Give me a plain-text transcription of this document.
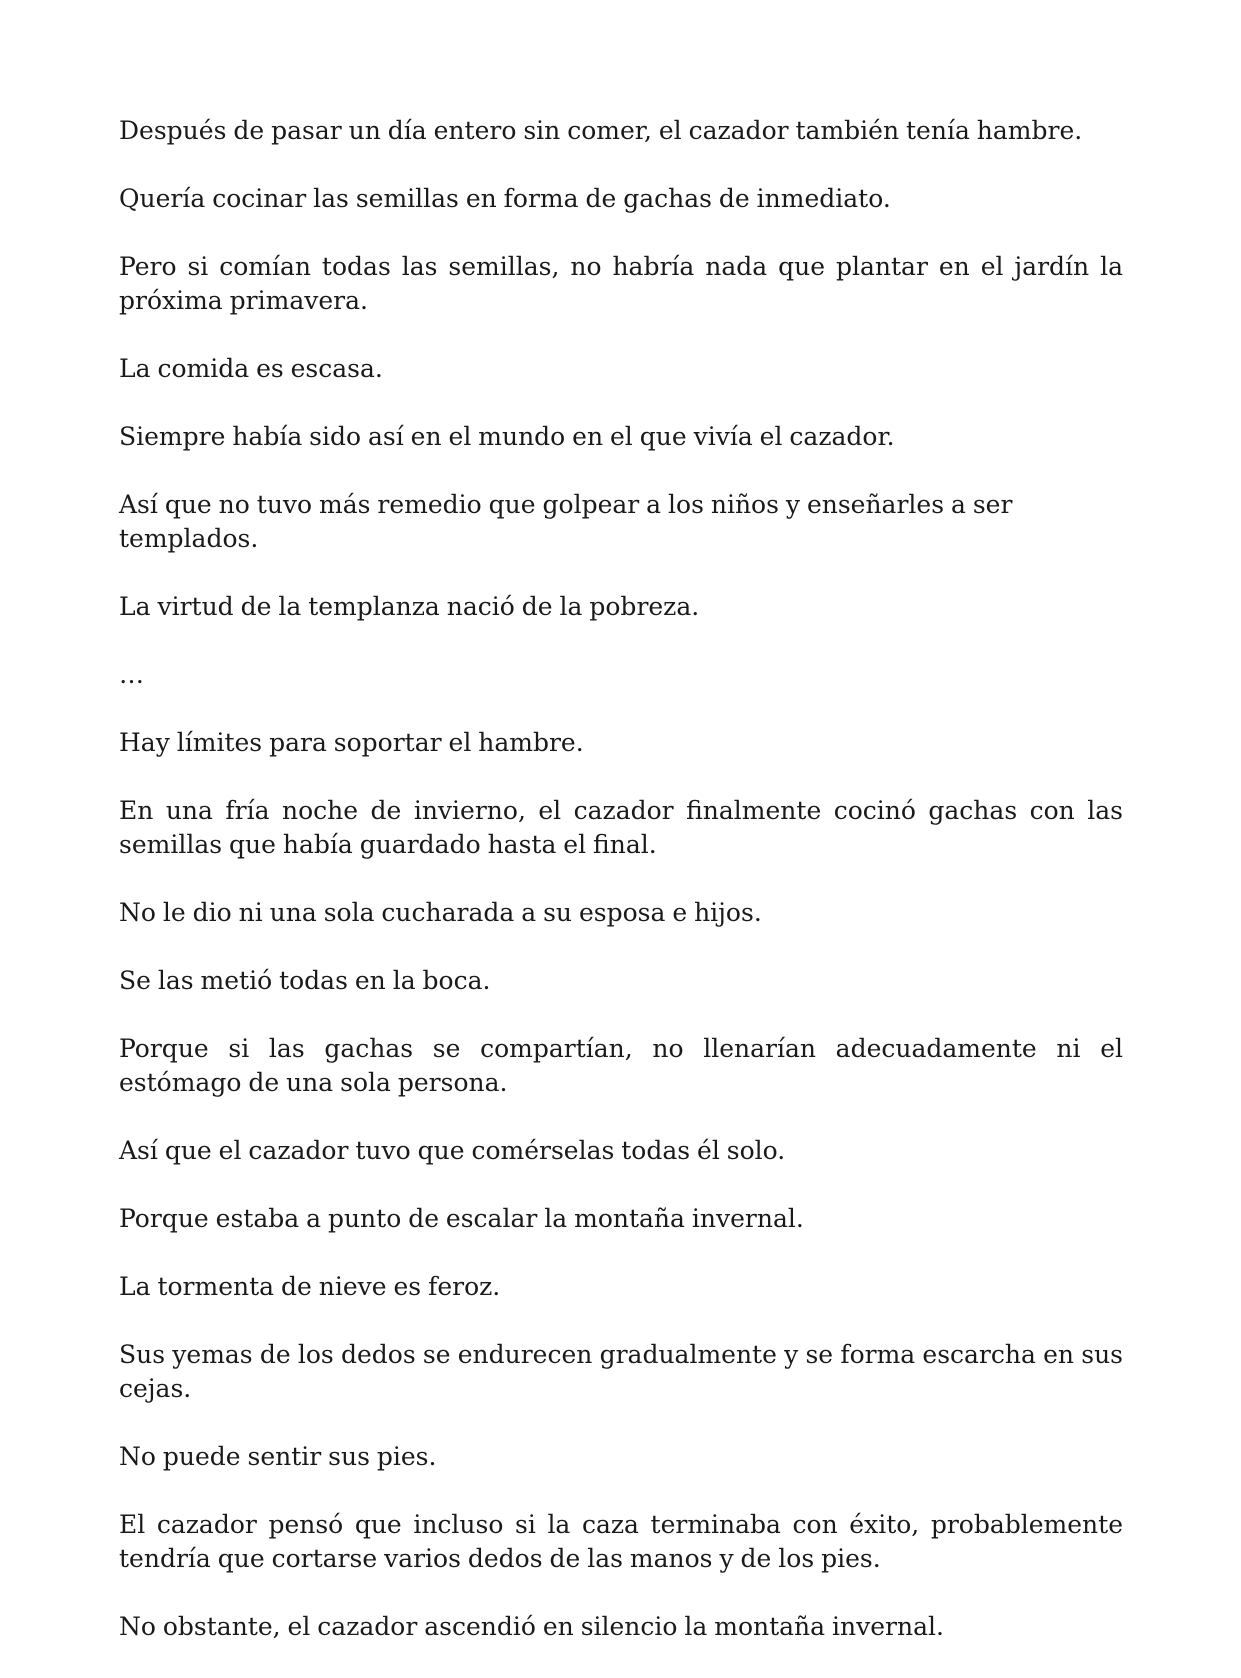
Después de pasar un día entero sin comer, el cazador también tenía hambre.

Quería cocinar las semillas en forma de gachas de inmediato.

Pero si comían todas las semillas, no habría nada que plantar en el jardín la próxima primavera.

La comida es escasa.

Siempre había sido así en el mundo en el que vivía el cazador.

Así que no tuvo más remedio que golpear a los niños y enseñarles a ser templados.

La virtud de la templanza nació de la pobreza.

…

Hay límites para soportar el hambre.

En una fría noche de invierno, el cazador finalmente cocinó gachas con las semillas que había guardado hasta el final.

No le dio ni una sola cucharada a su esposa e hijos.

Se las metió todas en la boca.

Porque si las gachas se compartían, no llenarían adecuadamente ni el estómago de una sola persona.

Así que el cazador tuvo que comérselas todas él solo.

Porque estaba a punto de escalar la montaña invernal.

La tormenta de nieve es feroz.

Sus yemas de los dedos se endurecen gradualmente y se forma escarcha en sus cejas.

No puede sentir sus pies.

El cazador pensó que incluso si la caza terminaba con éxito, probablemente tendría que cortarse varios dedos de las manos y de los pies.

No obstante, el cazador ascendió en silencio la montaña invernal.
